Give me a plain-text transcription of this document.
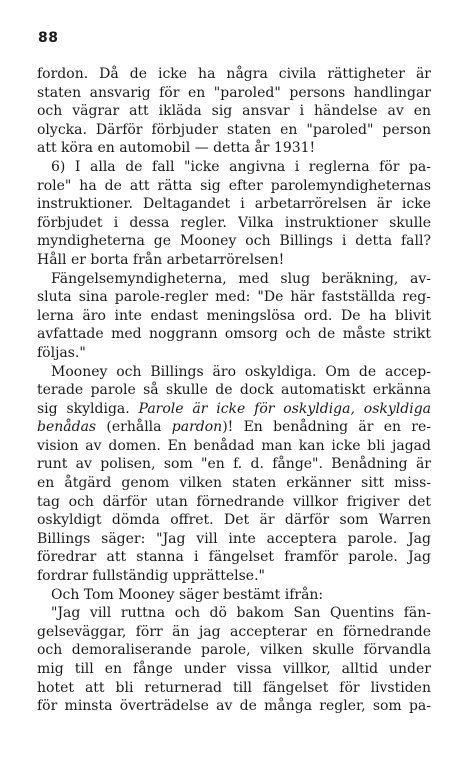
88
fordon. Då de icke ha några civila rättigheter är
staten ansvarig för en "paroled" persons handlingar
och vägrar att ikläda sig ansvar i händelse av en
olycka. Därför förbjuder staten en "paroled" person
att köra en automobil — detta år 1931!
6) I alla de fall "icke angivna i reglerna för pa-
role" ha de att rätta sig efter parolemyndigheternas
instruktioner. Deltagandet i arbetarrörelsen är icke
förbjudet i dessa regler. Vilka instruktioner skulle
myndigheterna ge Mooney och Billings i detta fall?
Håll er borta från arbetarrörelsen!
Fängelsemyndigheterna, med slug beräkning, av-
sluta sina parole-regler med: "De här fastställda reg-
lerna äro inte endast meningslösa ord. De ha blivit
avfattade med noggrann omsorg och de måste strikt
följas."
Mooney och Billings äro oskyldiga. Om de accep-
terade parole så skulle de dock automatiskt erkänna
sig skyldiga. Parole är icke för oskyldiga, oskyldiga
benådas (erhålla pardon)! En benådning är en re-
vision av domen. En benådad man kan icke bli jagad
runt av polisen, som "en f. d. fånge". Benådning är
en åtgärd genom vilken staten erkänner sitt miss-
tag och därför utan förnedrande villkor frigiver det
oskyldigt dömda offret. Det är därför som Warren
Billings säger: "Jag vill inte acceptera parole. Jag
föredrar att stanna i fängelset framför parole. Jag
fordrar fullständig upprättelse."
Och Tom Mooney säger bestämt ifrån:
"Jag vill ruttna och dö bakom San Quentins fän-
gelseväggar, förr än jag accepterar en förnedrande
och demoraliserande parole, vilken skulle förvandla
mig till en fånge under vissa villkor, alltid under
hotet att bli returnerad till fängelset för livstiden
för minsta överträdelse av de många regler, som pa-
